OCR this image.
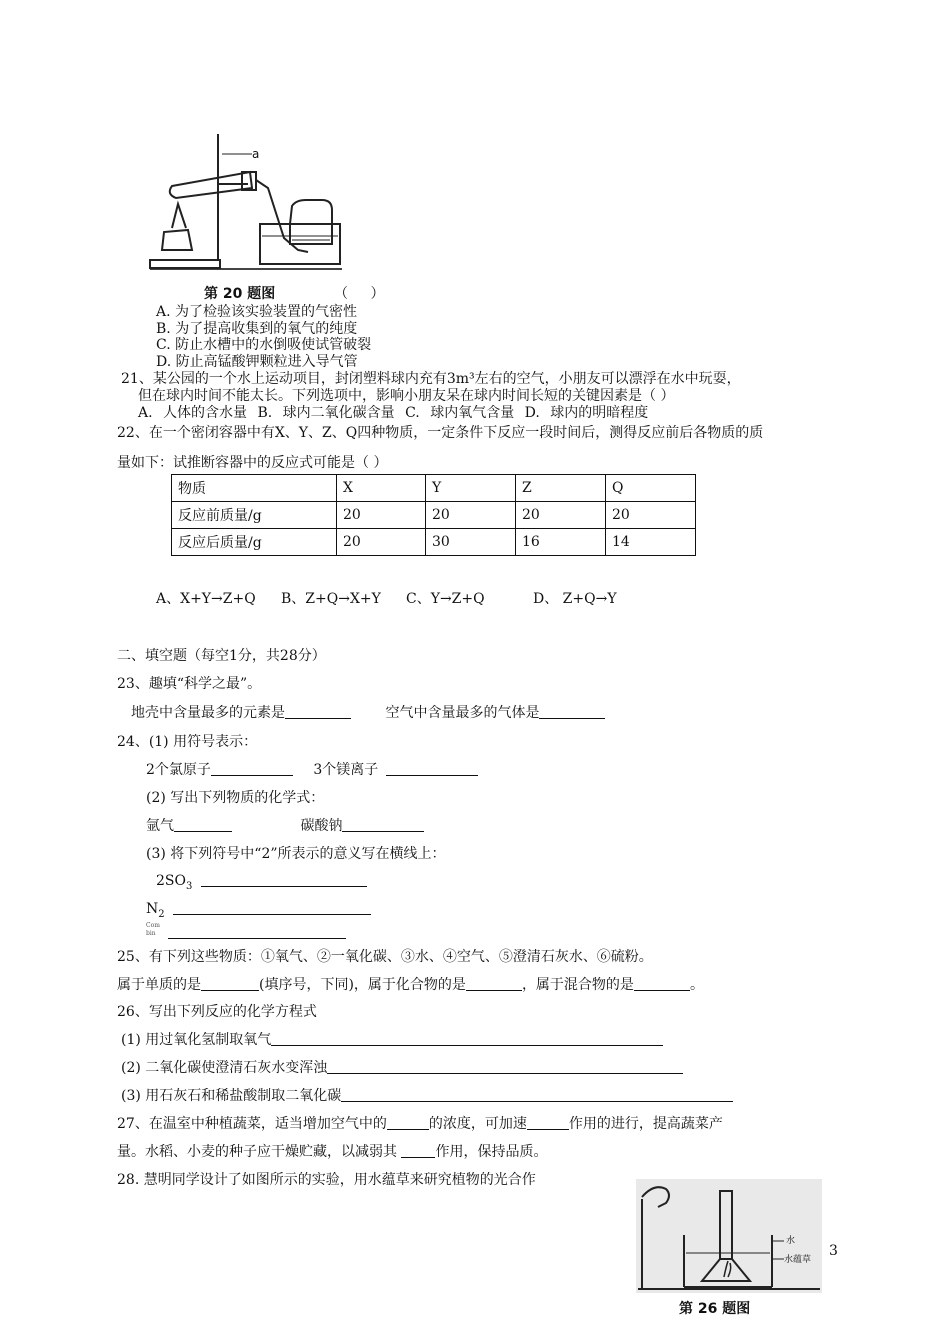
a
第 20 题图	（ ）
A. 为了检验该实验装置的气密性
B. 为了提高收集到的氧气的纯度
C. 防止水槽中的水倒吸使试管破裂
D. 防止高锰酸钾颗粒进入导气管
21、某公园的一个水上运动项目，封闭塑料球内充有3m³左右的空气，小朋友可以漂浮在水中玩耍，
但在球内时间不能太长。下列选项中，影响小朋友呆在球内时间长短的关键因素是（ ）
A. 人体的含水量 B. 球内二氧化碳含量 C. 球内氧气含量 D. 球内的明暗程度
22、在一个密闭容器中有X、Y、Z、Q四种物质，一定条件下反应一段时间后，测得反应前后各物质的质
量如下：试推断容器中的反应式可能是（ ）
物质	X	Y	Z	Q
反应前质量/g	20	20	20	20
反应后质量/g	20	30	16	14
A、X+Y→Z+Q B、Z+Q→X+Y C、Y→Z+Q	D、 Z+Q→Y
二、填空题（每空1分，共28分）
23、趣填“科学之最”。
地壳中含量最多的元素是	空气中含量最多的气体是
24、(1) 用符号表示：
2个氯原子	3个镁离子
(2) 写出下列物质的化学式：
氩气	碳酸钠
(3) 将下列符号中“2”所表示的意义写在横线上：
$2SO_3$
$N_2$
Com
bin
25、有下列这些物质：①氧气、②一氧化碳、③水、④空气、⑤澄清石灰水、⑥硫粉。
属于单质的是	(填序号，下同)，属于化合物的是	，属于混合物的是	。
26、写出下列反应的化学方程式
(1) 用过氧化氢制取氧气
(2) 二氧化碳使澄清石灰水变浑浊
(3) 用石灰石和稀盐酸制取二氧化碳
27、在温室中种植蔬菜，适当增加空气中的	的浓度，可加速	作用的进行，提高蔬菜产
量。水稻、小麦的种子应干燥贮藏，以减弱其 作用，保持品质。
28. 慧明同学设计了如图所示的实验，用水蕴草来研究植物的光合作
水
水蕴草
第 26 题图
3
